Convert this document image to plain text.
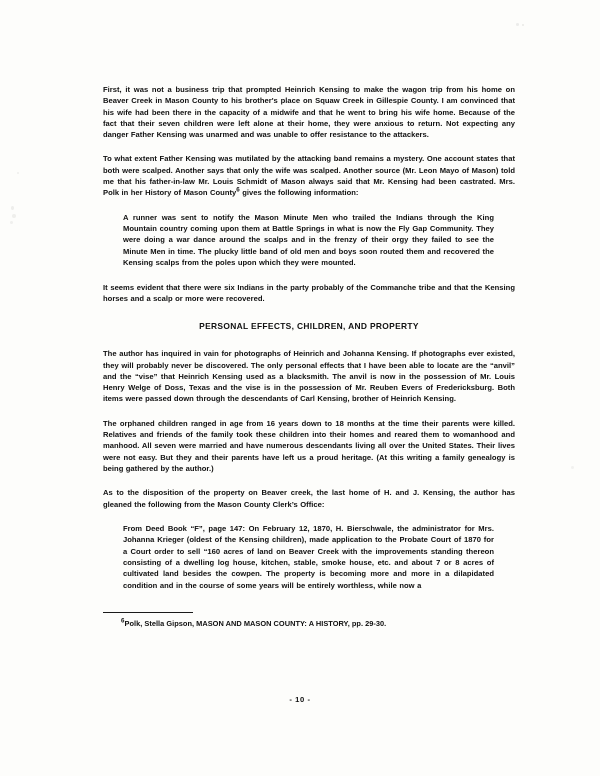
First, it was not a business trip that prompted Heinrich Kensing to make the wagon trip from his home on Beaver Creek in Mason County to his brother's place on Squaw Creek in Gillespie County. I am convinced that his wife had been there in the capacity of a midwife and that he went to bring his wife home. Because of the fact that their seven children were left alone at their home, they were anxious to return. Not expecting any danger Father Kensing was unarmed and was unable to offer resistance to the attackers.

To what extent Father Kensing was mutilated by the attacking band remains a mystery. One account states that both were scalped. Another says that only the wife was scalped. Another source (Mr. Leon Mayo of Mason) told me that his father-in-law Mr. Louis Schmidt of Mason always said that Mr. Kensing had been castrated. Mrs. Polk in her History of Mason County$^6$ gives the following information:

A runner was sent to notify the Mason Minute Men who trailed the Indians through the King Mountain country coming upon them at Battle Springs in what is now the Fly Gap Community. They were doing a war dance around the scalps and in the frenzy of their orgy they failed to see the Minute Men in time. The plucky little band of old men and boys soon routed them and recovered the Kensing scalps from the poles upon which they were mounted.

It seems evident that there were six Indians in the party probably of the Commanche tribe and that the Kensing horses and a scalp or more were recovered.

PERSONAL EFFECTS, CHILDREN, AND PROPERTY

The author has inquired in vain for photographs of Heinrich and Johanna Kensing. If photographs ever existed, they will probably never be discovered. The only personal effects that I have been able to locate are the “anvil” and the “vise” that Heinrich Kensing used as a blacksmith. The anvil is now in the possession of Mr. Louis Henry Welge of Doss, Texas and the vise is in the possession of Mr. Reuben Evers of Fredericksburg. Both items were passed down through the descendants of Carl Kensing, brother of Heinrich Kensing.

The orphaned children ranged in age from 16 years down to 18 months at the time their parents were killed. Relatives and friends of the family took these children into their homes and reared them to womanhood and manhood. All seven were married and have numerous descendants living all over the United States. Their lives were not easy. But they and their parents have left us a proud heritage. (At this writing a family genealogy is being gathered by the author.)

As to the disposition of the property on Beaver creek, the last home of H. and J. Kensing, the author has gleaned the following from the Mason County Clerk’s Office:

From Deed Book “F”, page 147: On February 12, 1870, H. Bierschwale, the administrator for Mrs. Johanna Krieger (oldest of the Kensing children), made application to the Probate Court of 1870 for a Court order to sell “160 acres of land on Beaver Creek with the improvements standing thereon consisting of a dwelling log house, kitchen, stable, smoke house, etc. and about 7 or 8 acres of cultivated land besides the cowpen. The property is becoming more and more in a dilapidated condition and in the course of some years will be entirely worthless, while now a

$^6$Polk, Stella Gipson, MASON AND MASON COUNTY: A HISTORY, pp. 29-30.

- 10 -
